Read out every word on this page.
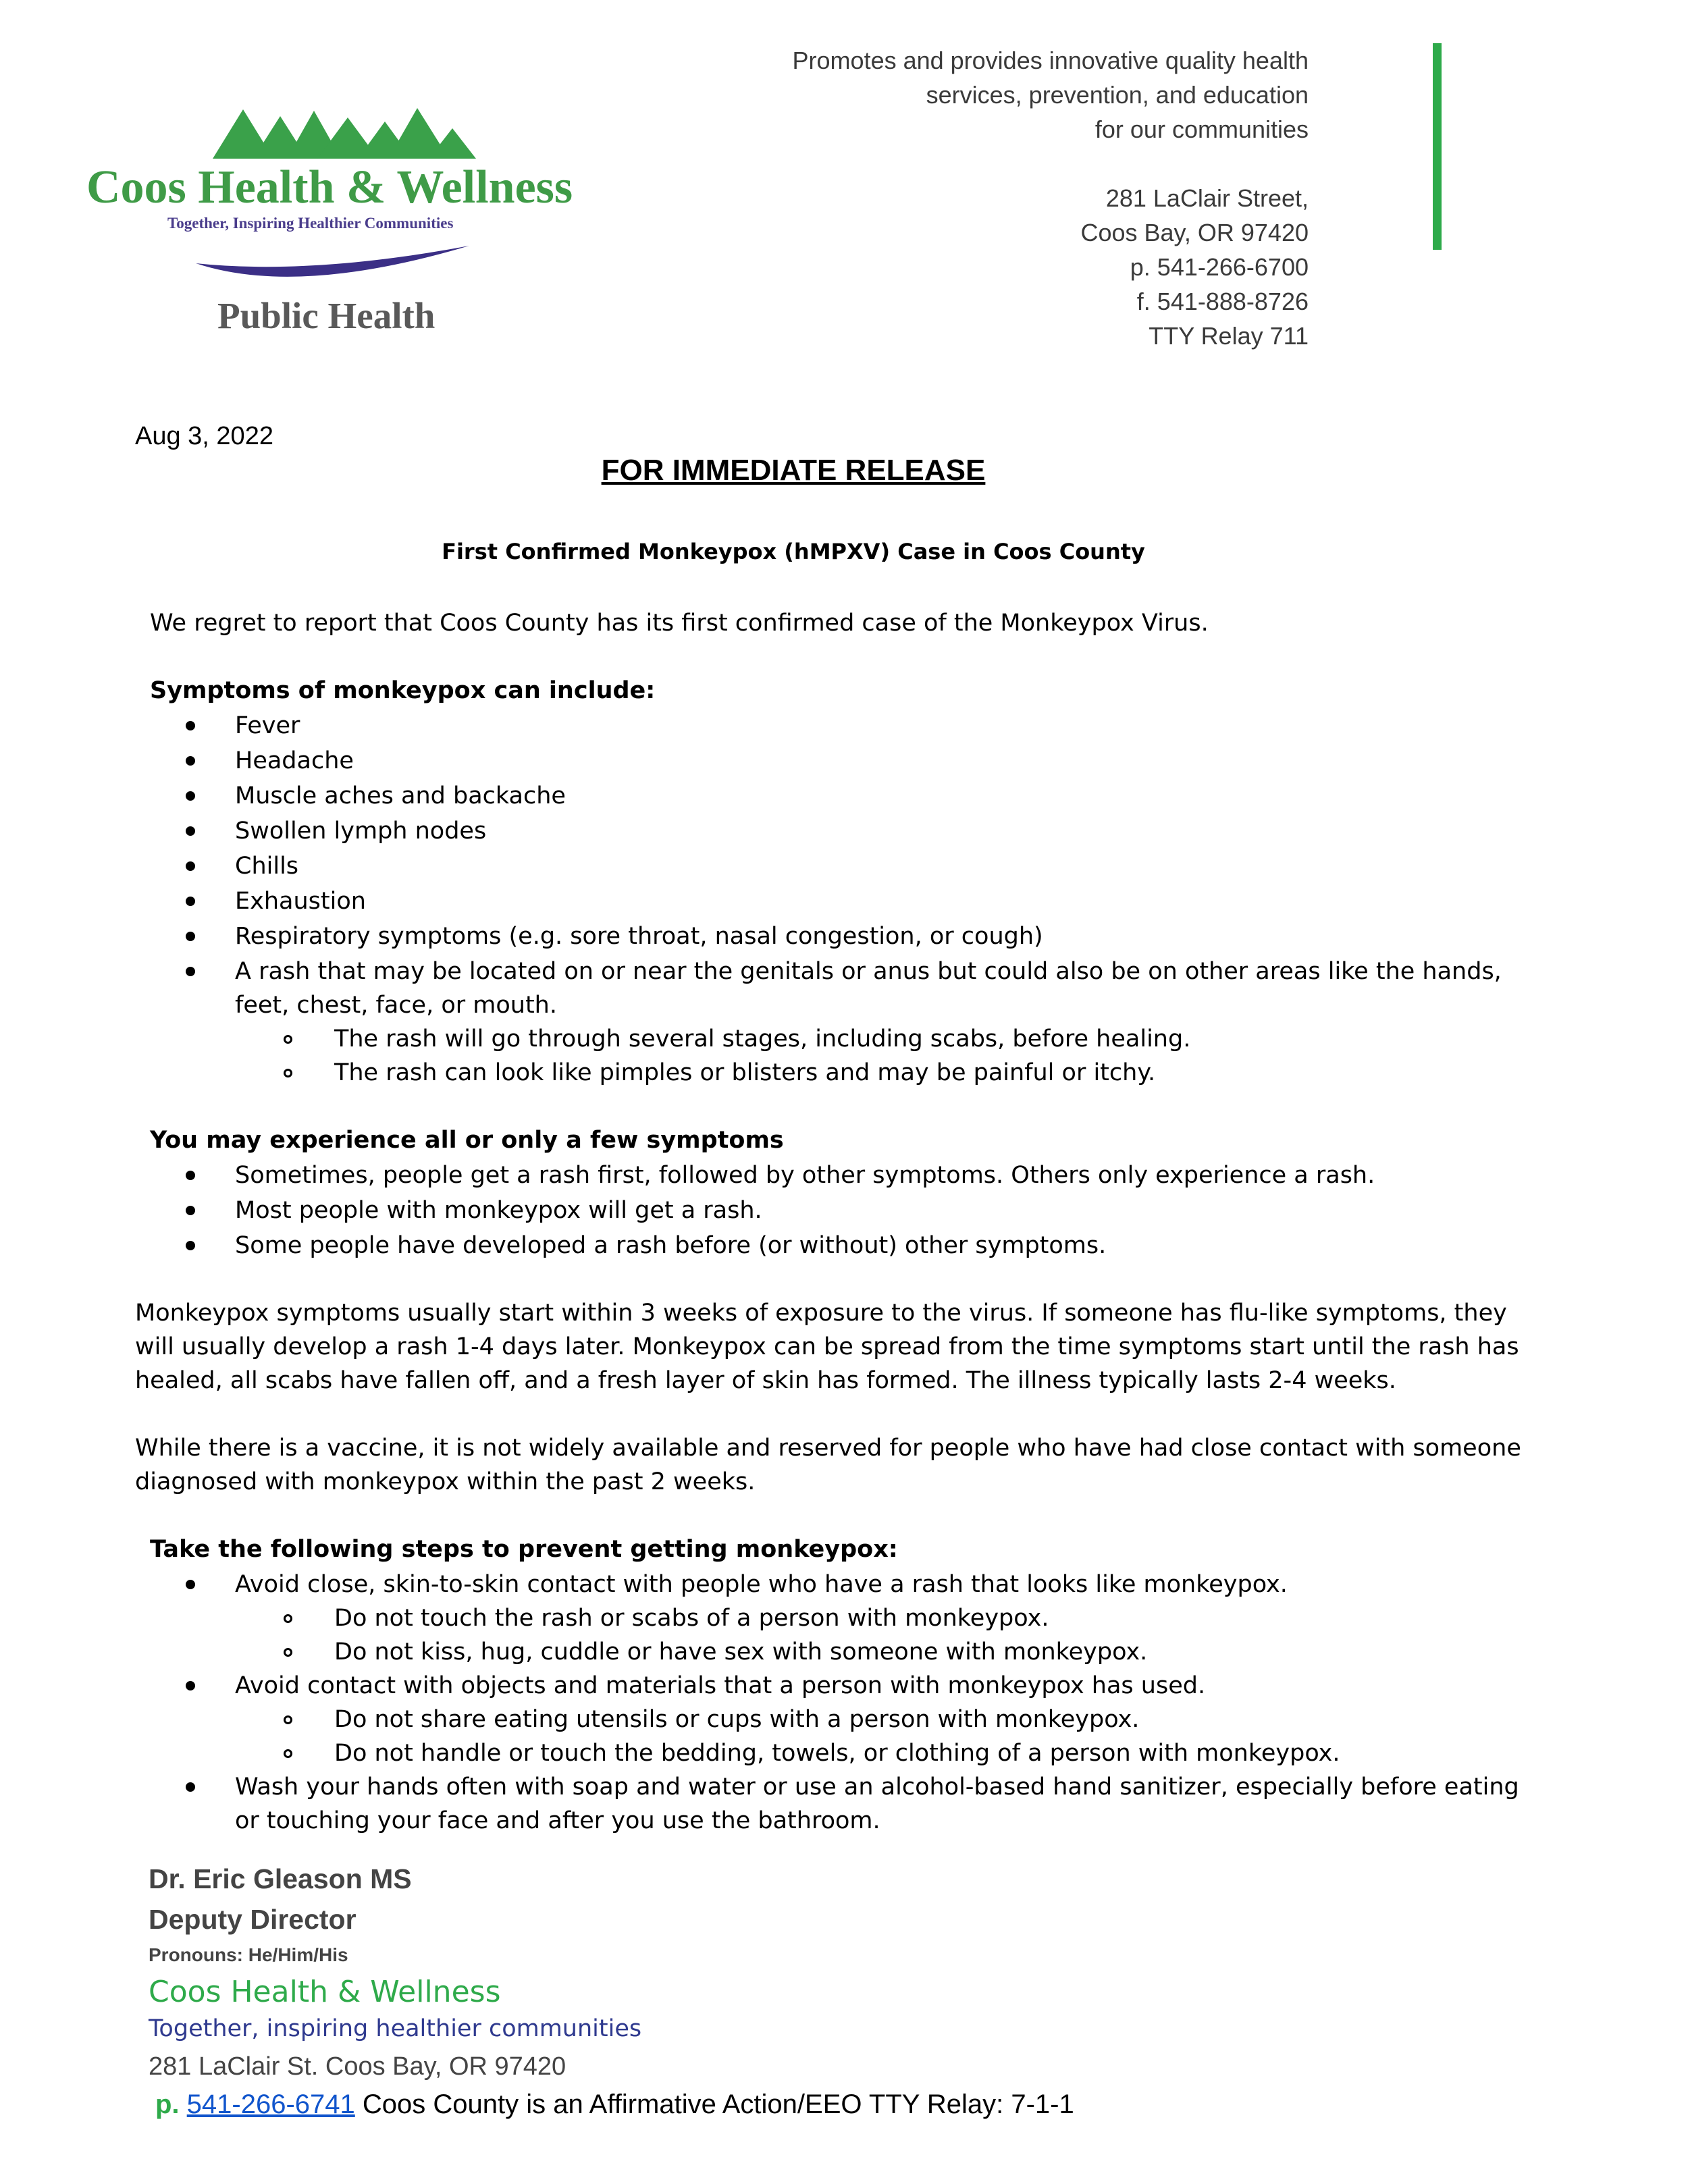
Coos Health & Wellness
Together, Inspiring Healthier Communities
Public Health
Promotes and provides innovative quality health
services, prevention, and education
for our communities
281 LaClair Street,
Coos Bay, OR 97420
p. 541-266-6700
f. 541-888-8726
TTY Relay 711
Aug 3, 2022
FOR IMMEDIATE RELEASE
First Confirmed Monkeypox (hMPXV) Case in Coos County
We regret to report that Coos County has its first confirmed case of the Monkeypox Virus.
Symptoms of monkeypox can include:
Fever
Headache
Muscle aches and backache
Swollen lymph nodes
Chills
Exhaustion
Respiratory symptoms (e.g. sore throat, nasal congestion, or cough)
A rash that may be located on or near the genitals or anus but could also be on other areas like the hands,
feet, chest, face, or mouth.
The rash will go through several stages, including scabs, before healing.
The rash can look like pimples or blisters and may be painful or itchy.
You may experience all or only a few symptoms
Sometimes, people get a rash first, followed by other symptoms. Others only experience a rash.
Most people with monkeypox will get a rash.
Some people have developed a rash before (or without) other symptoms.
Monkeypox symptoms usually start within 3 weeks of exposure to the virus. If someone has flu-like symptoms, they
will usually develop a rash 1-4 days later. Monkeypox can be spread from the time symptoms start until the rash has
healed, all scabs have fallen off, and a fresh layer of skin has formed. The illness typically lasts 2-4 weeks.
While there is a vaccine, it is not widely available and reserved for people who have had close contact with someone
diagnosed with monkeypox within the past 2 weeks.
Take the following steps to prevent getting monkeypox:
Avoid close, skin-to-skin contact with people who have a rash that looks like monkeypox.
Do not touch the rash or scabs of a person with monkeypox.
Do not kiss, hug, cuddle or have sex with someone with monkeypox.
Avoid contact with objects and materials that a person with monkeypox has used.
Do not share eating utensils or cups with a person with monkeypox.
Do not handle or touch the bedding, towels, or clothing of a person with monkeypox.
Wash your hands often with soap and water or use an alcohol-based hand sanitizer, especially before eating
or touching your face and after you use the bathroom.
Dr. Eric Gleason MS
Deputy Director
Pronouns: He/Him/His
Coos Health & Wellness
Together, inspiring healthier communities
281 LaClair St. Coos Bay, OR 97420
p. 541-266-6741 Coos County is an Affirmative Action/EEO TTY Relay: 7-1-1
